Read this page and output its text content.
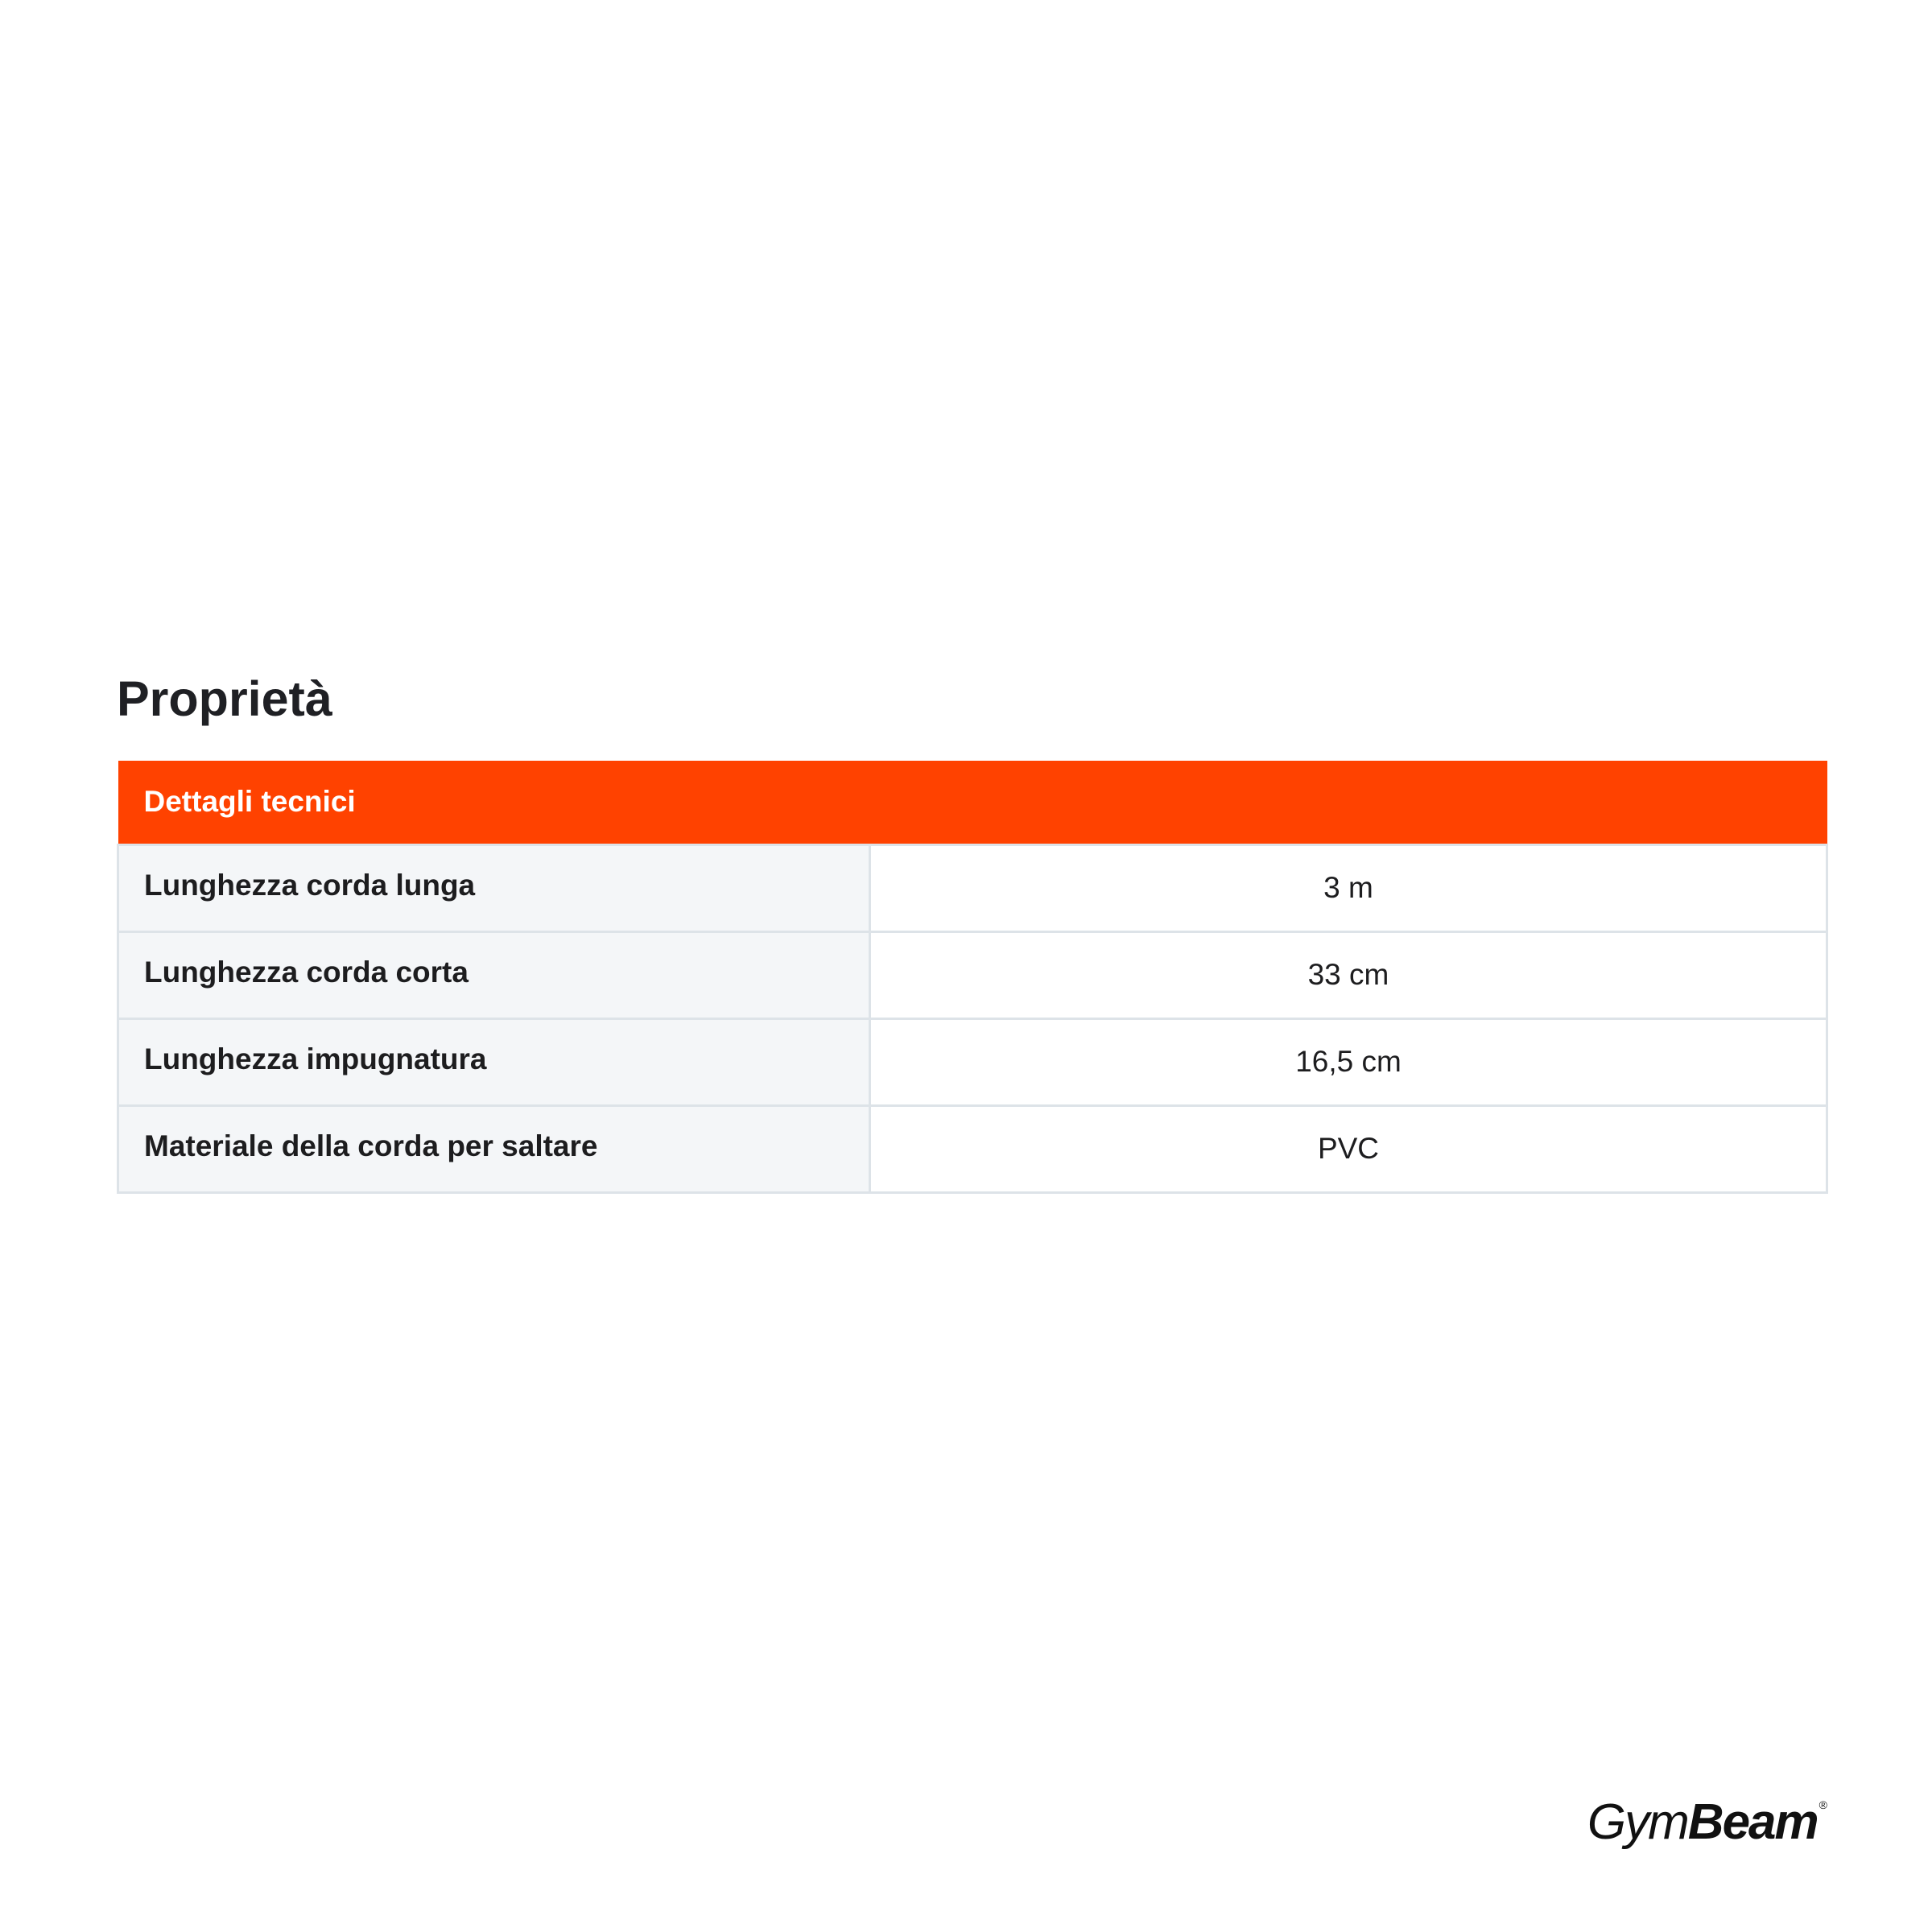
Proprietà
Dettagli tecnici	
Lunghezza corda lunga	3 m
Lunghezza corda corta	33 cm
Lunghezza impugnatura	16,5 cm
Materiale della corda per saltare	PVC
GymBeam ®
